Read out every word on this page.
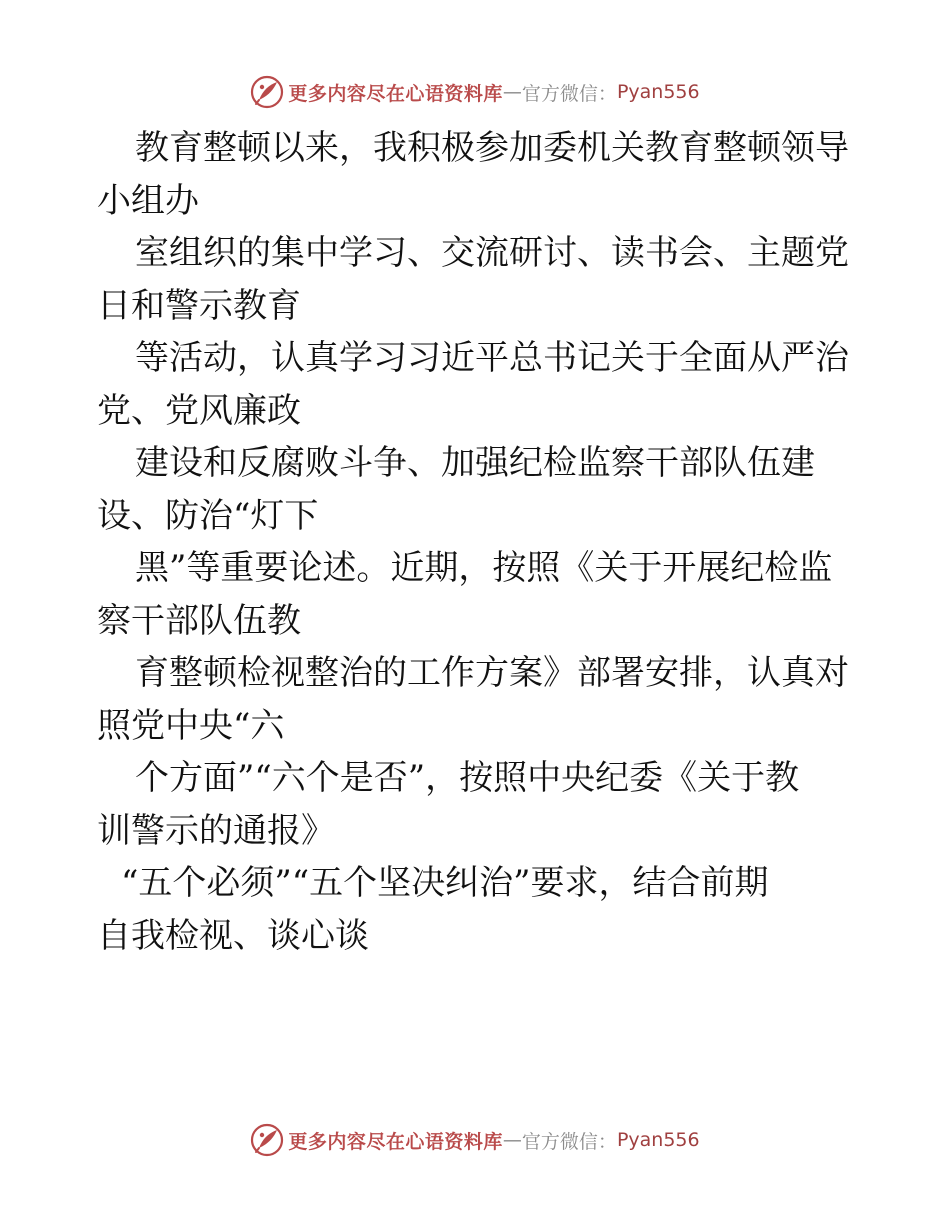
更多内容尽在心语资料库 — 官方微信： Pyan556

教育整顿以来，我积极参加委机关教育整顿领导
小组办

室组织的集中学习、交流研讨、读书会、主题党
日和警示教育

等活动，认真学习习近平总书记关于全面从严治
党、党风廉政

建设和反腐败斗争、加强纪检监察干部队伍建
设、防治“灯下

黑”等重要论述。近期，按照《关于开展纪检监
察干部队伍教

育整顿检视整治的工作方案》部署安排，认真对
照党中央“六

个方面”“六个是否”，按照中央纪委《关于教
训警示的通报》

“五个必须”“五个坚决纠治”要求，结合前期
自我检视、谈心谈

更多内容尽在心语资料库 — 官方微信： Pyan556
